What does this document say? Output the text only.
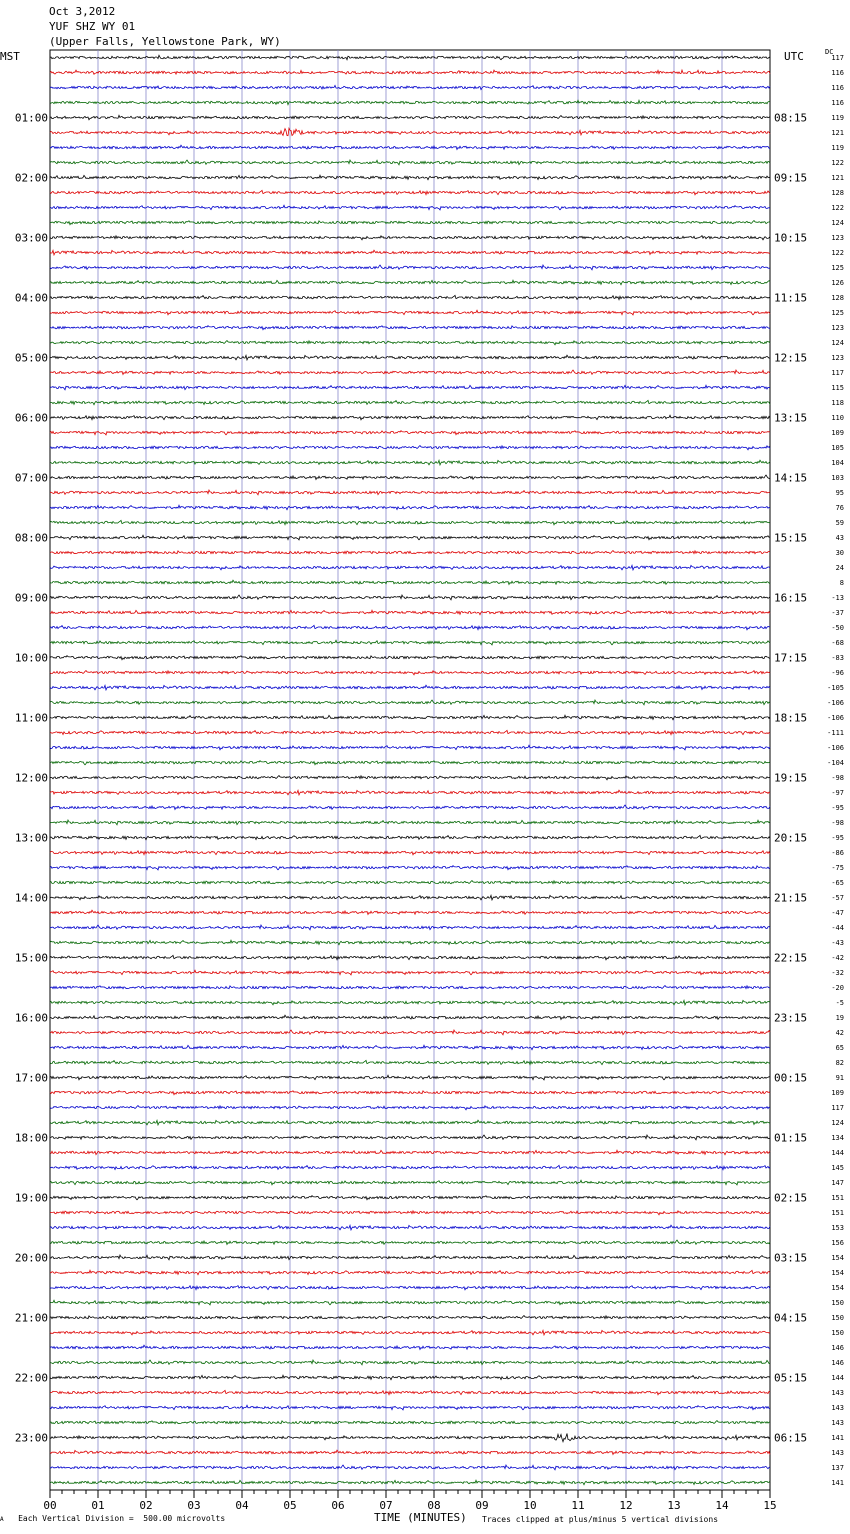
Oct 3,2012
YUF SHZ WY 01
(Upper Falls, Yellowstone Park, WY)
MST	UTC	DC
117
116
116
116
119
121
119
122
121
128
122
124
123
122
125
126
128
125
123
124
123
117
115
118
110
109
105
104
103
95
76
59
43
30
24
8
-13
-37
-50
-68
-83
-96
-105
-106
-106
-111
-106
-104
-98
-97
-95
-98
-95
-86
-75
-65
-57
-47
-44
-43
-42
-32
-20
-5
19
42
65
82
91
109
117
124
134
144
145
147
151
151
153
156
154
154
154
150
150
150
146
146
144
143
143
143
141
143
137
141
01:00
02:00
03:00
04:00
05:00
06:00
07:00
08:00
09:00
10:00
11:00
12:00
13:00
14:00
15:00
16:00
17:00
18:00
19:00
20:00
21:00
22:00
23:00
08:15
09:15
10:15
11:15
12:15
13:15
14:15
15:15
16:15
17:15
18:15
19:15
20:15
21:15
22:15
23:15
00:15
01:15
02:15
03:15
04:15
05:15
06:15
00	01	02	03	04	05	06	07	08	09	10	11	12	13	14	15
A Each Vertical Division =  500.00 microvolts	TIME (MINUTES) Traces clipped at plus/minus 5 vertical divisions
